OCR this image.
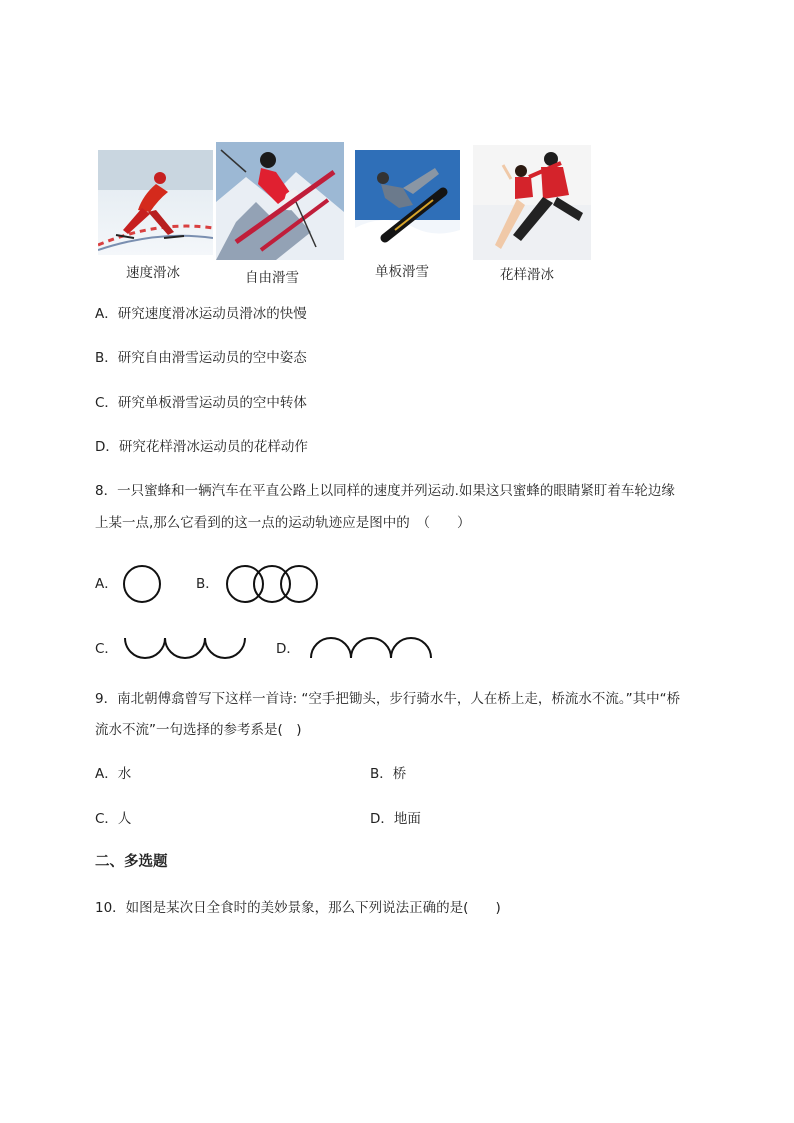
速度滑冰	自由滑雪	单板滑雪	花样滑冰
A．研究速度滑冰运动员滑冰的快慢
B．研究自由滑雪运动员的空中姿态
C．研究单板滑雪运动员的空中转体
D．研究花样滑冰运动员的花样动作
8．一只蜜蜂和一辆汽车在平直公路上以同样的速度并列运动.如果这只蜜蜂的眼睛紧盯着车轮边缘
上某一点,那么它看到的这一点的运动轨迹应是图中的　（　　）
A．	B．
C．	D．
9．南北朝傅翕曾写下这样一首诗: “空手把锄头，步行骑水牛，人在桥上走，桥流水不流。”其中“桥
流水不流”一句选择的参考系是(　)
A．水	B．桥
C．人	D．地面
二、多选题
10．如图是某次日全食时的美妙景象，那么下列说法正确的是(　　)
